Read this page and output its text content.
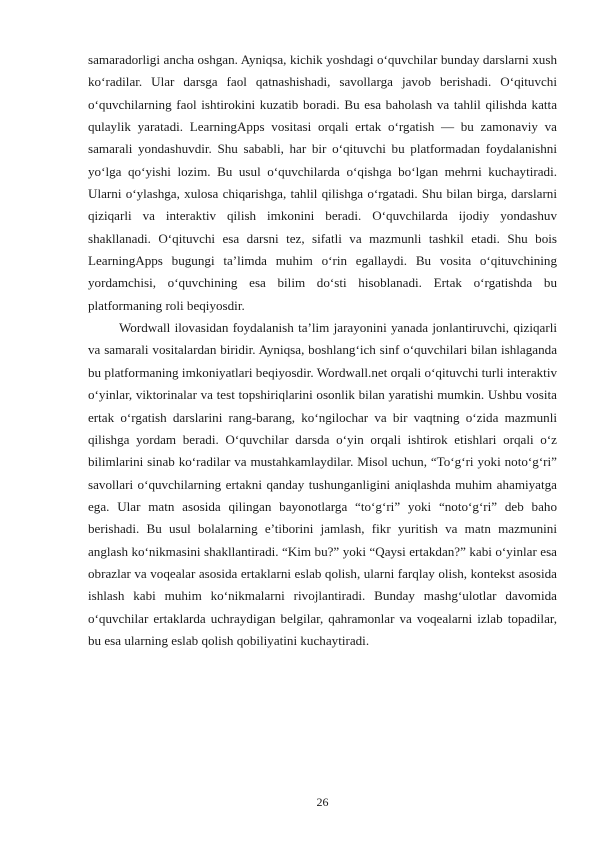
samaradorligi ancha oshgan. Ayniqsa, kichik yoshdagi o‘quvchilar bunday darslarni xush ko‘radilar. Ular darsga faol qatnashishadi, savollarga javob berishadi. O‘qituvchi o‘quvchilarning faol ishtirokini kuzatib boradi. Bu esa baholash va tahlil qilishda katta qulaylik yaratadi. LearningApps vositasi orqali ertak o‘rgatish — bu zamonaviy va samarali yondashuvdir. Shu sababli, har bir o‘qituvchi bu platformadan foydalanishni yo‘lga qo‘yishi lozim. Bu usul o‘quvchilarda o‘qishga bo‘lgan mehrni kuchaytiradi. Ularni o‘ylashga, xulosa chiqarishga, tahlil qilishga o‘rgatadi. Shu bilan birga, darslarni qiziqarli va interaktiv qilish imkonini beradi. O‘quvchilarda ijodiy yondashuv shakllanadi. O‘qituvchi esa darsni tez, sifatli va mazmunli tashkil etadi. Shu bois LearningApps bugungi ta’limda muhim o‘rin egallaydi. Bu vosita o‘qituvchining yordamchisi, o‘quvchining esa bilim do‘sti hisoblanadi. Ertak o‘rgatishda bu platformaning roli beqiyosdir.

Wordwall ilovasidan foydalanish ta’lim jarayonini yanada jonlantiruvchi, qiziqarli va samarali vositalardan biridir. Ayniqsa, boshlang‘ich sinf o‘quvchilari bilan ishlaganda bu platformaning imkoniyatlari beqiyosdir. Wordwall.net orqali o‘qituvchi turli interaktiv o‘yinlar, viktorinalar va test topshiriqlarini osonlik bilan yaratishi mumkin. Ushbu vosita ertak o‘rgatish darslarini rang-barang, ko‘ngilochar va bir vaqtning o‘zida mazmunli qilishga yordam beradi. O‘quvchilar darsda o‘yin orqali ishtirok etishlari orqali o‘z bilimlarini sinab ko‘radilar va mustahkamlaydilar. Misol uchun, “To‘g‘ri yoki noto‘g‘ri” savollari o‘quvchilarning ertakni qanday tushunganligini aniqlashda muhim ahamiyatga ega. Ular matn asosida qilingan bayonotlarga “to‘g‘ri” yoki “noto‘g‘ri” deb baho berishadi. Bu usul bolalarning e’tiborini jamlash, fikr yuritish va matn mazmunini anglash ko‘nikmasini shakllantiradi. “Kim bu?” yoki “Qaysi ertakdan?” kabi o‘yinlar esa obrazlar va voqealar asosida ertaklarni eslab qolish, ularni farqlay olish, kontekst asosida ishlash kabi muhim ko‘nikmalarni rivojlantiradi. Bunday mashg‘ulotlar davomida o‘quvchilar ertaklarda uchraydigan belgilar, qahramonlar va voqealarni izlab topadilar, bu esa ularning eslab qolish qobiliyatini kuchaytiradi.

26
